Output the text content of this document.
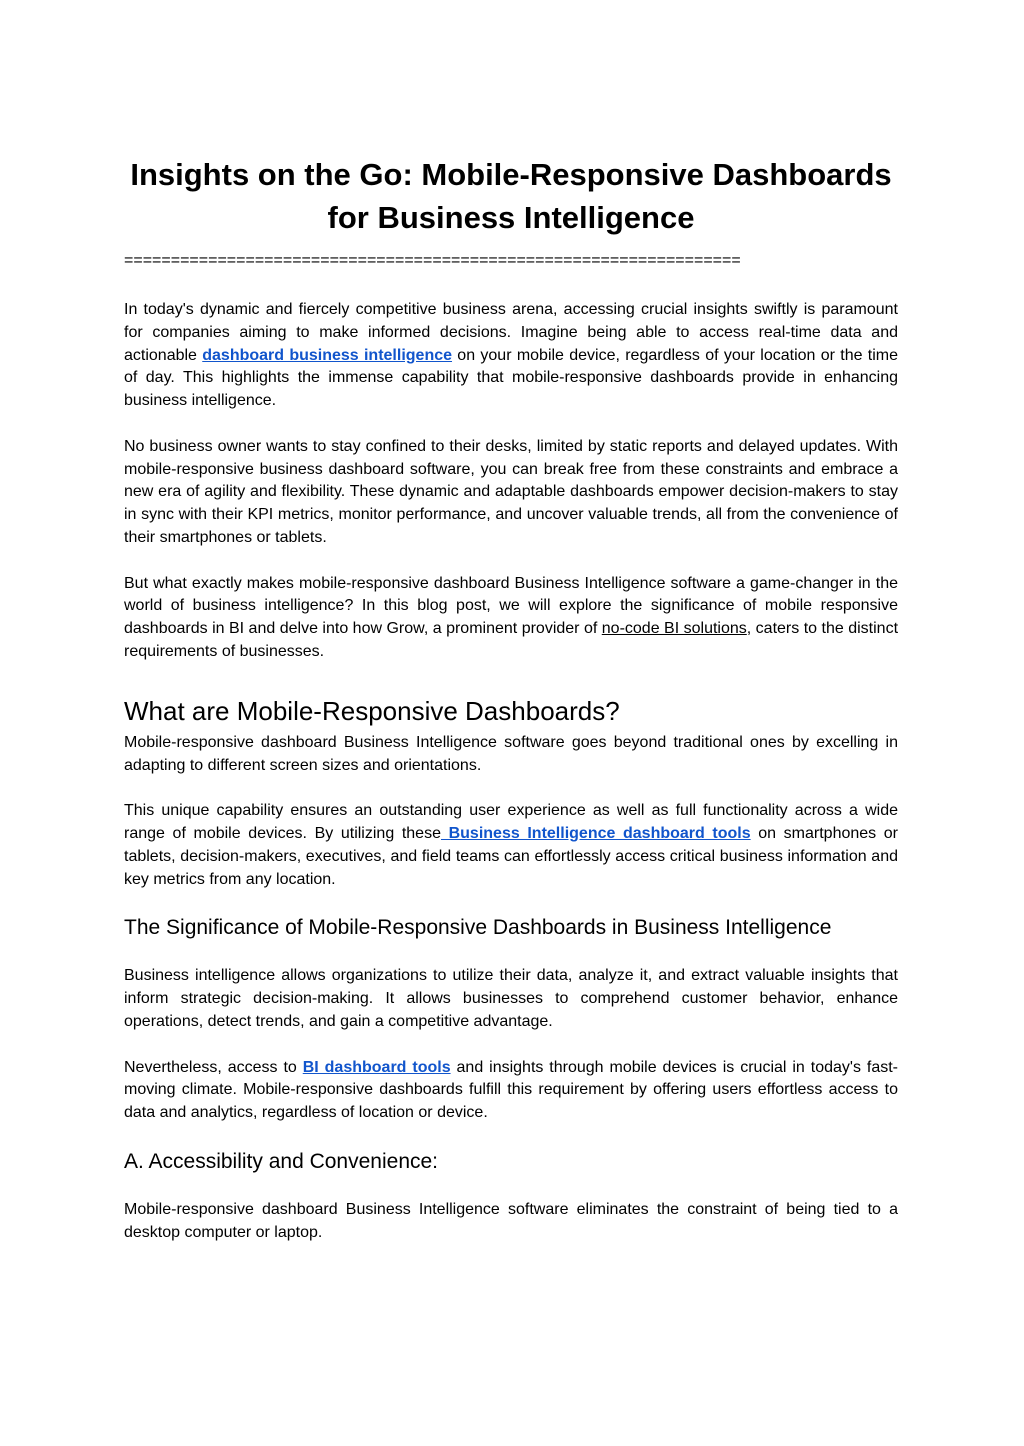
Insights on the Go: Mobile-Responsive Dashboards
for Business Intelligence
==================================================================

In today's dynamic and fiercely competitive business arena, accessing crucial insights swiftly is paramount for companies aiming to make informed decisions. Imagine being able to access real-time data and actionable dashboard business intelligence on your mobile device, regardless of your location or the time of day. This highlights the immense capability that mobile-responsive dashboards provide in enhancing business intelligence.

No business owner wants to stay confined to their desks, limited by static reports and delayed updates. With mobile-responsive business dashboard software, you can break free from these constraints and embrace a new era of agility and flexibility. These dynamic and adaptable dashboards empower decision-makers to stay in sync with their KPI metrics, monitor performance, and uncover valuable trends, all from the convenience of their smartphones or tablets.

But what exactly makes mobile-responsive dashboard Business Intelligence software a game-changer in the world of business intelligence? In this blog post, we will explore the significance of mobile responsive dashboards in BI and delve into how Grow, a prominent provider of no-code BI solutions, caters to the distinct requirements of businesses.

What are Mobile-Responsive Dashboards?

Mobile-responsive dashboard Business Intelligence software goes beyond traditional ones by excelling in adapting to different screen sizes and orientations.

This unique capability ensures an outstanding user experience as well as full functionality across a wide range of mobile devices. By utilizing these Business Intelligence dashboard tools on smartphones or tablets, decision-makers, executives, and field teams can effortlessly access critical business information and key metrics from any location.

The Significance of Mobile-Responsive Dashboards in Business Intelligence

Business intelligence allows organizations to utilize their data, analyze it, and extract valuable insights that inform strategic decision-making. It allows businesses to comprehend customer behavior, enhance operations, detect trends, and gain a competitive advantage.

Nevertheless, access to BI dashboard tools and insights through mobile devices is crucial in today's fast-moving climate. Mobile-responsive dashboards fulfill this requirement by offering users effortless access to data and analytics, regardless of location or device.

A. Accessibility and Convenience:

Mobile-responsive dashboard Business Intelligence software eliminates the constraint of being tied to a desktop computer or laptop.
